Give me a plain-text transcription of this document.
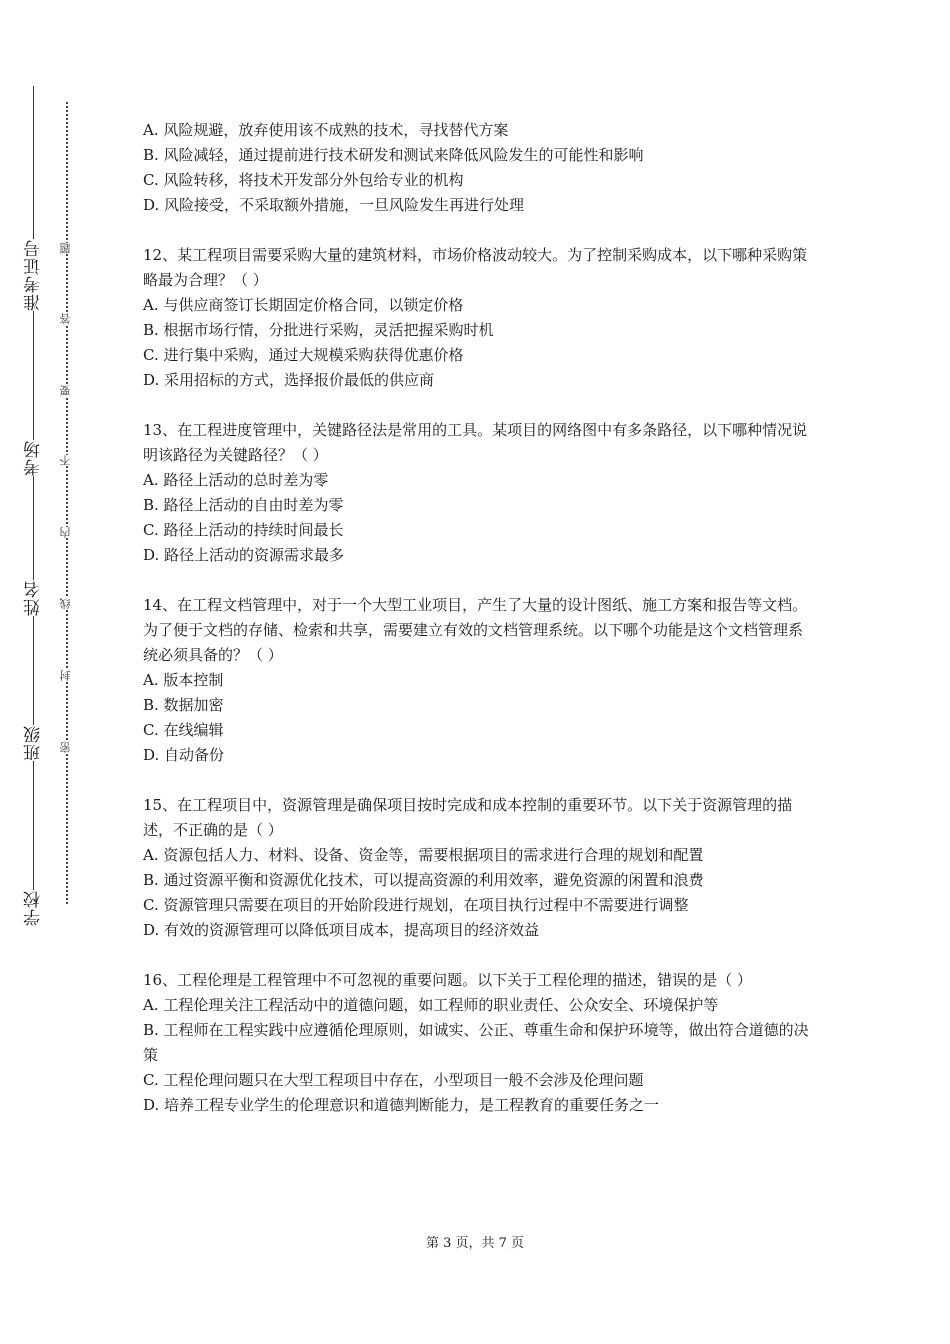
准考证号
考场
姓名
班级
学校
题
答
要
不
内
线
封
密

A. 风险规避，放弃使用该不成熟的技术，寻找替代方案

B. 风险减轻，通过提前进行技术研发和测试来降低风险发生的可能性和影响

C. 风险转移，将技术开发部分外包给专业的机构

D. 风险接受，不采取额外措施，一旦风险发生再进行处理

12、某工程项目需要采购大量的建筑材料，市场价格波动较大。为了控制采购成本，以下哪种采购策略最为合理？（ ）

A. 与供应商签订长期固定价格合同，以锁定价格

B. 根据市场行情，分批进行采购，灵活把握采购时机

C. 进行集中采购，通过大规模采购获得优惠价格

D. 采用招标的方式，选择报价最低的供应商

13、在工程进度管理中，关键路径法是常用的工具。某项目的网络图中有多条路径，以下哪种情况说明该路径为关键路径？（ ）

A. 路径上活动的总时差为零

B. 路径上活动的自由时差为零

C. 路径上活动的持续时间最长

D. 路径上活动的资源需求最多

14、在工程文档管理中，对于一个大型工业项目，产生了大量的设计图纸、施工方案和报告等文档。为了便于文档的存储、检索和共享，需要建立有效的文档管理系统。以下哪个功能是这个文档管理系统必须具备的？（ ）

A. 版本控制

B. 数据加密

C. 在线编辑

D. 自动备份

15、在工程项目中，资源管理是确保项目按时完成和成本控制的重要环节。以下关于资源管理的描述，不正确的是（ ）

A. 资源包括人力、材料、设备、资金等，需要根据项目的需求进行合理的规划和配置

B. 通过资源平衡和资源优化技术，可以提高资源的利用效率，避免资源的闲置和浪费

C. 资源管理只需要在项目的开始阶段进行规划，在项目执行过程中不需要进行调整

D. 有效的资源管理可以降低项目成本，提高项目的经济效益

16、工程伦理是工程管理中不可忽视的重要问题。以下关于工程伦理的描述，错误的是（ ）

A. 工程伦理关注工程活动中的道德问题，如工程师的职业责任、公众安全、环境保护等

B. 工程师在工程实践中应遵循伦理原则，如诚实、公正、尊重生命和保护环境等，做出符合道德的决策

C. 工程伦理问题只在大型工程项目中存在，小型项目一般不会涉及伦理问题

D. 培养工程专业学生的伦理意识和道德判断能力，是工程教育的重要任务之一

第 3 页，共 7 页
